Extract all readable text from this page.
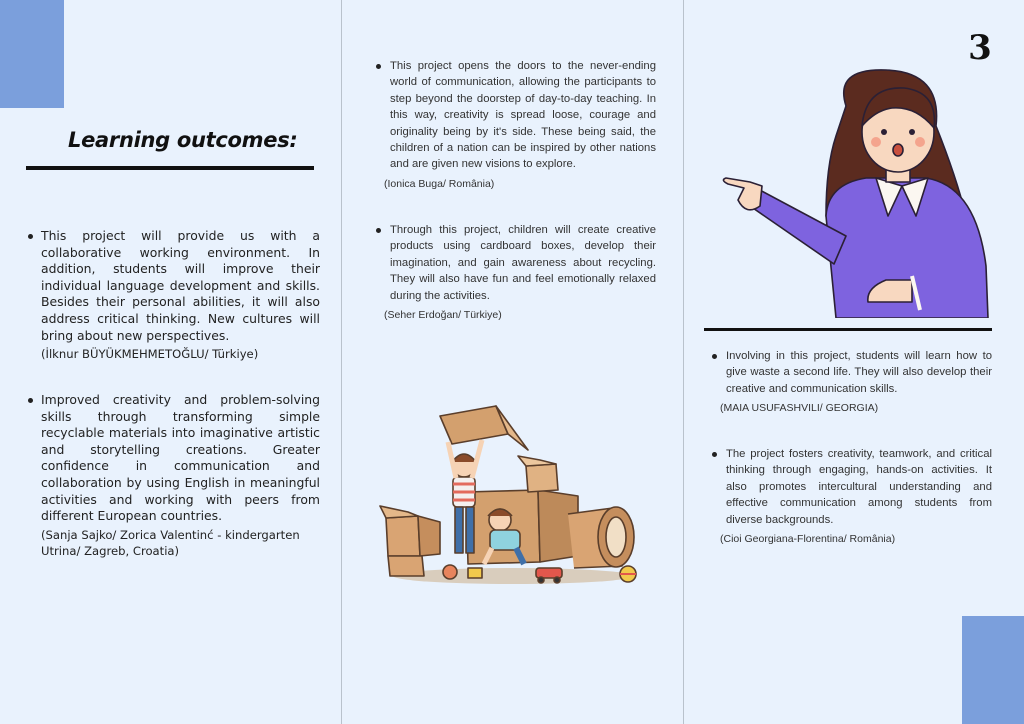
3
Learning outcomes:

This project will provide us with a collaborative working environment. In addition, students will improve their individual language development and skills. Besides their personal abilities, it will also address critical thinking. New cultures will bring about new perspectives.

(İlknur BÜYÜKMEHMETOĞLU/ Türkiye)

Improved creativity and problem-solving skills through transforming simple recyclable materials into imaginative artistic and storytelling creations. Greater confidence in communication and collaboration by using English in meaningful activities and working with peers from different European countries.

(Sanja Sajko/ Zorica Valentinć - kindergarten Utrina/ Zagreb, Croatia)

This project opens the doors to the never-ending world of communication, allowing the participants to step beyond the doorstep of day-to-day teaching. In this way, creativity is spread loose, courage and originality being by it's side. These being said, the children of a nation can be inspired by other nations and are given new visions to explore.

(Ionica Buga/ România)

Through this project, children will create creative products using cardboard boxes, develop their imagination, and gain awareness about recycling. They will also have fun and feel emotionally relaxed during the activities.

(Seher Erdoğan/ Türkiye)

Involving in this project, students will learn how to give waste a second life. They will also develop their creative and communication skills.

(MAIA USUFASHVILI/ GEORGIA)

The project fosters creativity, teamwork, and critical thinking through engaging, hands-on activities. It also promotes intercultural understanding and effective communication among students from diverse backgrounds.

(Cioi Georgiana-Florentina/ România)
